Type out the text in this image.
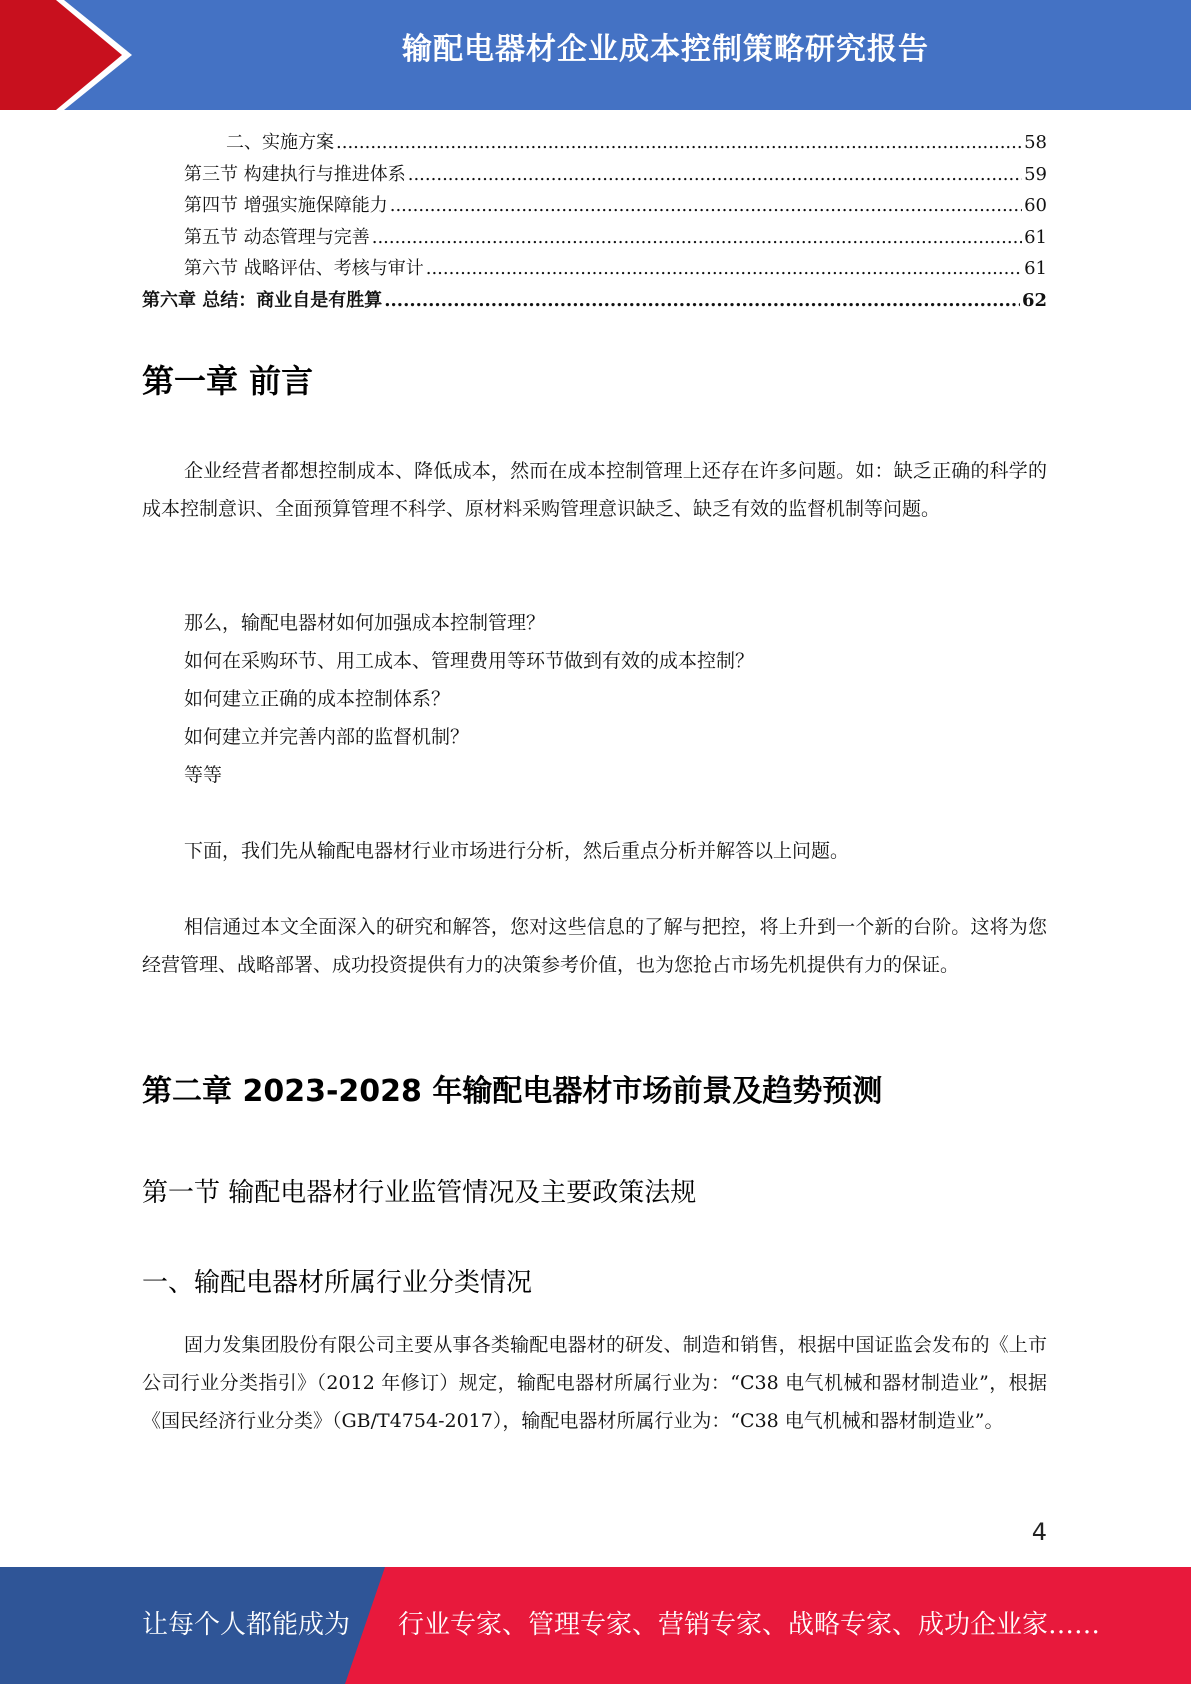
输配电器材企业成本控制策略研究报告
二、实施方案 .....	58
第三节 构建执行与推进体系 .....	59
第四节 增强实施保障能力 .....	60
第五节 动态管理与完善 .....	61
第六节 战略评估、考核与审计 .....	61
第六章 总结：商业自是有胜算 .....	62
第一章 前言

企业经营者都想控制成本、降低成本，然而在成本控制管理上还存在许多问题。如：缺乏正确的科学的成本控制意识、全面预算管理不科学、原材料采购管理意识缺乏、缺乏有效的监督机制等问题。

那么，输配电器材如何加强成本控制管理？
如何在采购环节、用工成本、管理费用等环节做到有效的成本控制？
如何建立正确的成本控制体系？
如何建立并完善内部的监督机制？
等等

下面，我们先从输配电器材行业市场进行分析，然后重点分析并解答以上问题。

相信通过本文全面深入的研究和解答，您对这些信息的了解与把控，将上升到一个新的台阶。这将为您经营管理、战略部署、成功投资提供有力的决策参考价值，也为您抢占市场先机提供有力的保证。

第二章 2023-2028 年输配电器材市场前景及趋势预测
第一节 输配电器材行业监管情况及主要政策法规
一、输配电器材所属行业分类情况

固力发集团股份有限公司主要从事各类输配电器材的研发、制造和销售，根据中国证监会发布的《上市公司行业分类指引》（2012 年修订）规定，输配电器材所属行业为：“C38 电气机械和器材制造业”，根据《国民经济行业分类》（GB/T4754-2017），输配电器材所属行业为：“C38 电气机械和器材制造业”。

4
让每个人都能成为 行业专家、管理专家、营销专家、战略专家、成功企业家……
